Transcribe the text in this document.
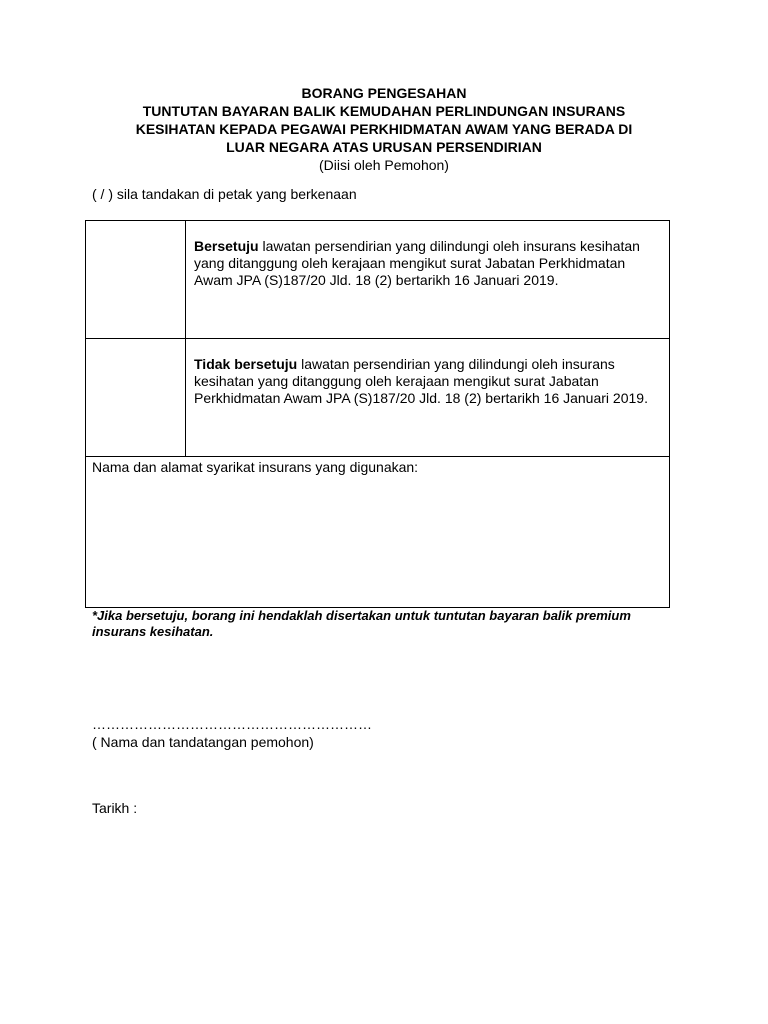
BORANG PENGESAHAN
TUNTUTAN BAYARAN BALIK KEMUDAHAN PERLINDUNGAN INSURANS
KESIHATAN KEPADA PEGAWAI PERKHIDMATAN AWAM YANG BERADA DI
LUAR NEGARA ATAS URUSAN PERSENDIRIAN
(Diisi oleh Pemohon)
( / ) sila tandakan di petak yang berkenaan

	Bersetuju lawatan persendirian yang dilindungi oleh insurans kesihatan yang ditanggung oleh kerajaan mengikut surat Jabatan Perkhidmatan Awam JPA (S)187/20 Jld. 18 (2) bertarikh 16 Januari 2019.

	Tidak bersetuju lawatan persendirian yang dilindungi oleh insurans kesihatan yang ditanggung oleh kerajaan mengikut surat Jabatan Perkhidmatan Awam JPA (S)187/20 Jld. 18 (2) bertarikh 16 Januari 2019.

Nama dan alamat syarikat insurans yang digunakan:	
*Jika bersetuju, borang ini hendaklah disertakan untuk tuntutan bayaran balik premium insurans kesihatan.
……………………………………………………
( Nama dan tandatangan pemohon)
Tarikh :
